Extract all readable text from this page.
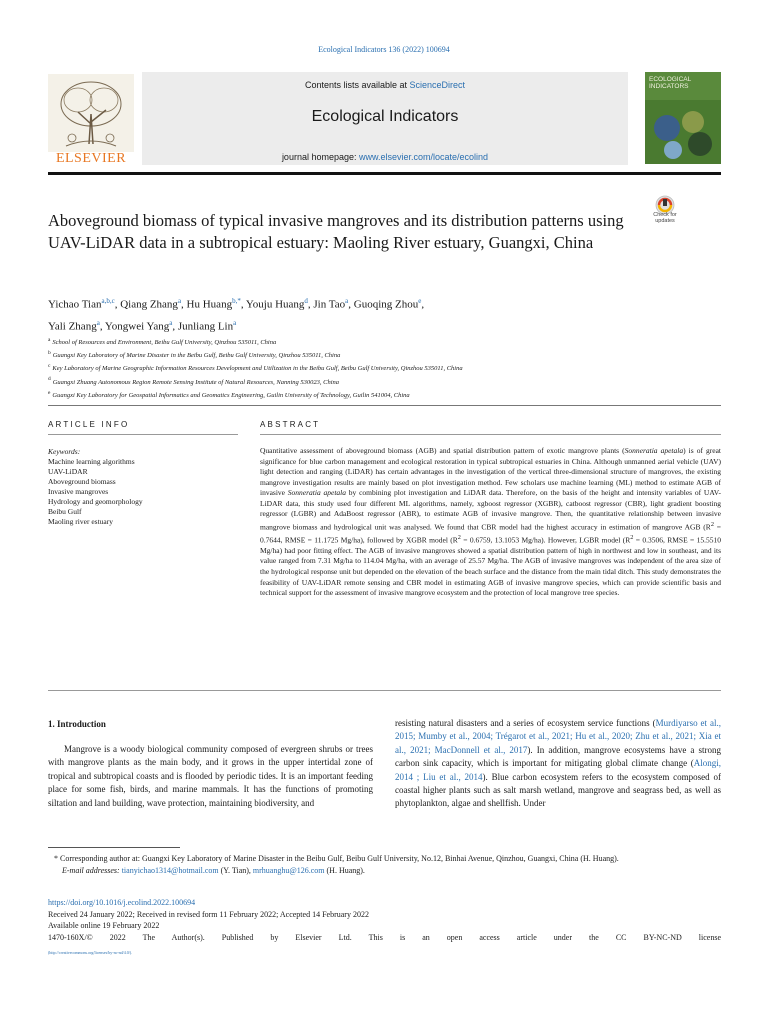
Ecological Indicators 136 (2022) 100694
Contents lists available at ScienceDirect
Ecological Indicators
journal homepage: www.elsevier.com/locate/ecolind
ELSEVIER
ECOLOGICAL INDICATORS
Check for updates
Aboveground biomass of typical invasive mangroves and its distribution patterns using UAV-LiDAR data in a subtropical estuary: Maoling River estuary, Guangxi, China
Yichao Tian$^{a,b,c}$, Qiang Zhang$^a$, Hu Huang$^{b,*}$, Youju Huang$^d$, Jin Tao$^a$, Guoqing Zhou$^e$,
Yali Zhang$^a$, Yongwei Yang$^a$, Junliang Lin$^a$
$^a$ School of Resources and Environment, Beibu Gulf University, Qinzhou 535011, China
$^b$ Guangxi Key Laboratory of Marine Disaster in the Beibu Gulf, Beibu Gulf University, Qinzhou 535011, China
$^c$ Key Laboratory of Marine Geographic Information Resources Development and Utilization in the Beibu Gulf, Beibu Gulf University, Qinzhou 535011, China
$^d$ Guangxi Zhuang Autonomous Region Remote Sensing Institute of Natural Resources, Nanning 530023, China
$^e$ Guangxi Key Laboratory for Geospatial Informatics and Geomatics Engineering, Guilin University of Technology, Guilin 541004, China
ARTICLE INFO
Keywords:
Machine learning algorithms
UAV-LiDAR
Aboveground biomass
Invasive mangroves
Hydrology and geomorphology
Beibu Gulf
Maoling river estuary
ABSTRACT
Quantitative assessment of aboveground biomass (AGB) and spatial distribution pattern of exotic mangrove plants (Sonneratia apetala) is of great significance for blue carbon management and ecological restoration in typical subtropical estuaries in China. Although unmanned aerial vehicle (UAV) light detection and ranging (LiDAR) has certain advantages in the investigation of the vertical three-dimensional structure of mangroves, the existing mangrove investigation results are mainly based on plot investigation method. Few scholars use machine learning (ML) method to estimate AGB of invasive Sonneratia apetala by combining plot investigation and LiDAR data. Therefore, on the basis of the height and intensity variables of UAV-LiDAR data, this study used four different ML algorithms, namely, xgboost regressor (XGBR), catboost regressor (CBR), light gradient boosting regressor (LGBR) and AdaBoost regressor (ABR), to estimate AGB of invasive mangrove. Then, the quantitative relationship between invasive mangrove biomass and hydrological unit was analysed. We found that CBR model had the highest accuracy in estimation of mangrove AGB ($R^2 = 0.7644$, RMSE = 11.1725 Mg/ha), followed by XGBR model ($R^2 = 0.6759$, 13.1053 Mg/ha). However, LGBR model ($R^2 = 0.3506$, RMSE = 15.5510 Mg/ha) had poor fitting effect. The AGB of invasive mangroves showed a spatial distribution pattern of high in northwest and low in southeast, and its value ranged from 7.31 Mg/ha to 114.04 Mg/ha, with an average of 25.57 Mg/ha. The AGB of invasive mangroves was independent of the area size of the hydrological response unit but depended on the elevation of the beach surface and the distance from the main tidal ditch. This study demonstrates the feasibility of UAV-LiDAR remote sensing and CBR model in estimating AGB of invasive mangrove species, which can provide scientific basis and technical support for the assessment of invasive mangrove ecosystem and the protection of local mangrove tree species.
1. Introduction
Mangrove is a woody biological community composed of evergreen shrubs or trees with mangrove plants as the main body, and it grows in the upper intertidal zone of tropical and subtropical coasts and is flooded by periodic tides. It is an important feeding place for some fish, birds, and marine mammals. It has the functions of promoting siltation and land building, wave protection, maintaining biodiversity, and
resisting natural disasters and a series of ecosystem service functions (Murdiyarso et al., 2015; Mumby et al., 2004; Trégarot et al., 2021; Hu et al., 2020; Zhu et al., 2021; Xia et al., 2021; MacDonnell et al., 2017). In addition, mangrove ecosystems have a strong carbon sink capacity, which is important for mitigating global climate change (Alongi, 2014 ; Liu et al., 2014). Blue carbon ecosystem refers to the ecosystem composed of coastal higher plants such as salt marsh wetland, mangrove and seagrass bed, as well as phytoplankton, algae and shellfish. Under
* Corresponding author at: Guangxi Key Laboratory of Marine Disaster in the Beibu Gulf, Beibu Gulf University, No.12, Binhai Avenue, Qinzhou, Guangxi, China (H. Huang).
E-mail addresses: tianyichao1314@hotmail.com (Y. Tian), mrhuanghu@126.com (H. Huang).
https://doi.org/10.1016/j.ecolind.2022.100694
Received 24 January 2022; Received in revised form 11 February 2022; Accepted 14 February 2022
Available online 19 February 2022
1470-160X/© 2022 The Author(s). Published by Elsevier Ltd. This is an open access article under the CC BY-NC-ND license
(http://creativecommons.org/licenses/by-nc-nd/4.0/).
